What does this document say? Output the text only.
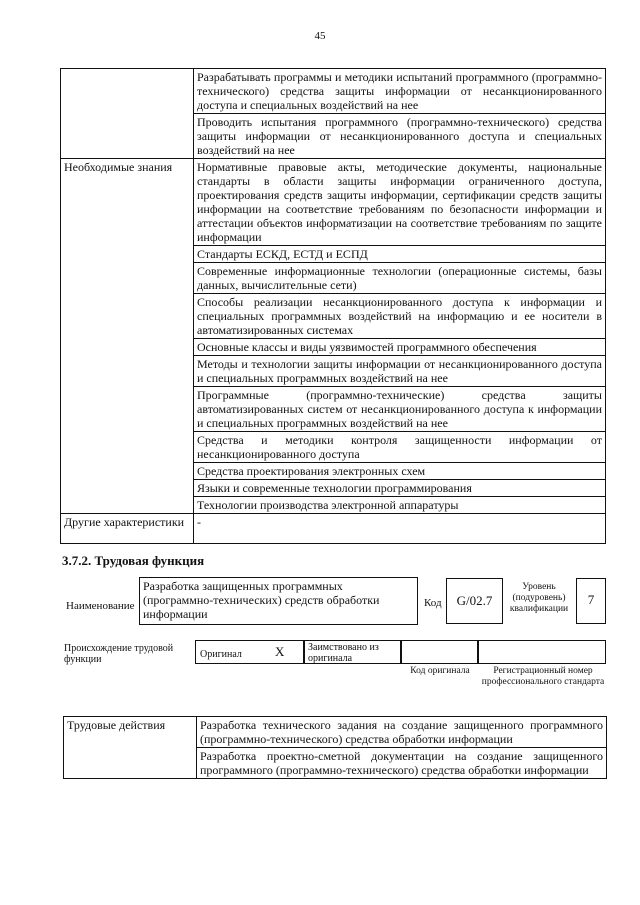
45
	Разрабатывать программы и методики испытаний программного (программно-технического) средства защиты информации от несанкционированного доступа и специальных воздействий на нее
	Проводить испытания программного (программно-технического) средства защиты информации от несанкционированного доступа и специальных воздействий на нее
Необходимые знания	Нормативные правовые акты, методические документы, национальные стандарты в области защиты информации ограниченного доступа, проектирования средств защиты информации, сертификации средств защиты информации на соответствие требованиям по безопасности информации и аттестации объектов информатизации на соответствие требованиям по защите информации
	Стандарты ЕСКД, ЕСТД и ЕСПД
	Современные информационные технологии (операционные системы, базы данных, вычислительные сети)
	Способы реализации несанкционированного доступа к информации и специальных программных воздействий на информацию и ее носители в автоматизированных системах
	Основные классы и виды уязвимостей программного обеспечения
	Методы и технологии защиты информации от несанкционированного доступа и специальных программных воздействий на нее
	Программные (программно-технические) средства защиты автоматизированных систем от несанкционированного доступа к информации и специальных программных воздействий на нее
	Средства и методики контроля защищенности информации от несанкционированного доступа
	Средства проектирования электронных схем
	Языки и современные технологии программирования
	Технологии производства электронной аппаратуры
Другие характеристики	-
3.7.2. Трудовая функция
Наименование
Разработка защищенных программных (программно-технических) средств обработки информации
Код	G/02.7
Уровень (подуровень) квалификации
7
Происхождение трудовой функции	Оригинал	X	Заимствовано из оригинала
Код оригинала	Регистрационный номер профессионального стандарта
Трудовые действия	Разработка технического задания на создание защищенного программного (программно-технического) средства обработки информации
Разработка проектно-сметной документации на создание защищенного программного (программно-технического) средства обработки информации
